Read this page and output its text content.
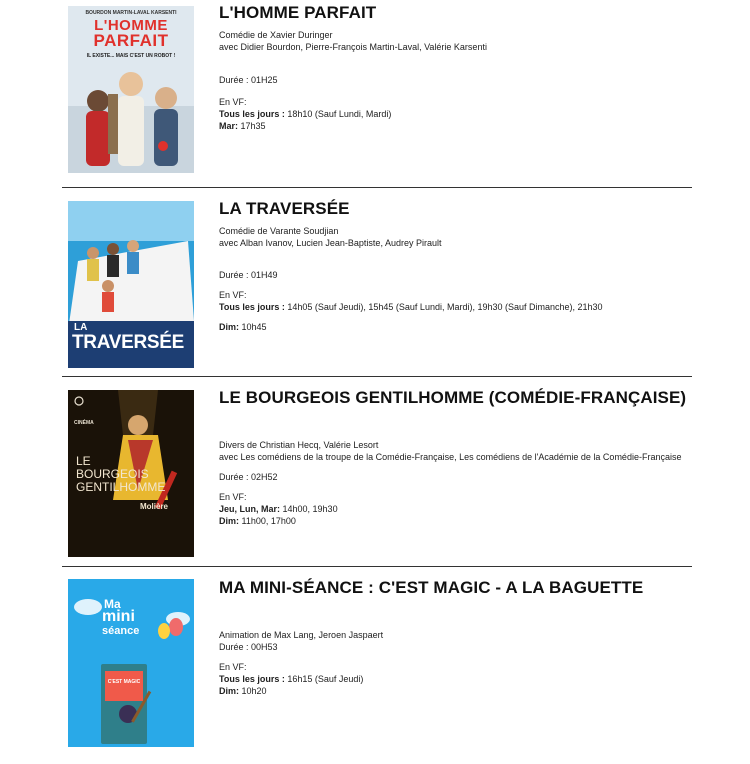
BOURDON MARTIN-LAVAL KARSENTI
L'HOMME
PARFAIT
IL EXISTE... MAIS C'EST UN ROBOT !
L'HOMME PARFAIT
Comédie de Xavier Duringer
avec Didier Bourdon, Pierre-François Martin-Laval, Valérie Karsenti
Durée : 01H25
En VF:
Tous les jours : 18h10 (Sauf Lundi, Mardi)
Mar: 17h35
LA
TRAVERSÉE
LA TRAVERSÉE
Comédie de Varante Soudjian
avec Alban Ivanov, Lucien Jean-Baptiste, Audrey Pirault
Durée : 01H49
En VF:
Tous les jours : 14h05 (Sauf Jeudi), 15h45 (Sauf Lundi, Mardi), 19h30 (Sauf Dimanche), 21h30
Dim: 10h45
CINÉMA
LE
BOURGEOIS
GENTILHOMME
Molière
LE BOURGEOIS GENTILHOMME (COMÉDIE-FRANÇAISE)
Divers de Christian Hecq, Valérie Lesort
avec Les comédiens de la troupe de la Comédie-Française, Les comédiens de l'Académie de la Comédie-Française
Durée : 02H52
En VF:
Jeu, Lun, Mar: 14h00, 19h30
Dim: 11h00, 17h00
Ma
mini
séance
C'EST MAGIC
MA MINI-SÉANCE : C'EST MAGIC - A LA BAGUETTE
Animation de Max Lang, Jeroen Jaspaert
Durée : 00H53
En VF:
Tous les jours : 16h15 (Sauf Jeudi)
Dim: 10h20
